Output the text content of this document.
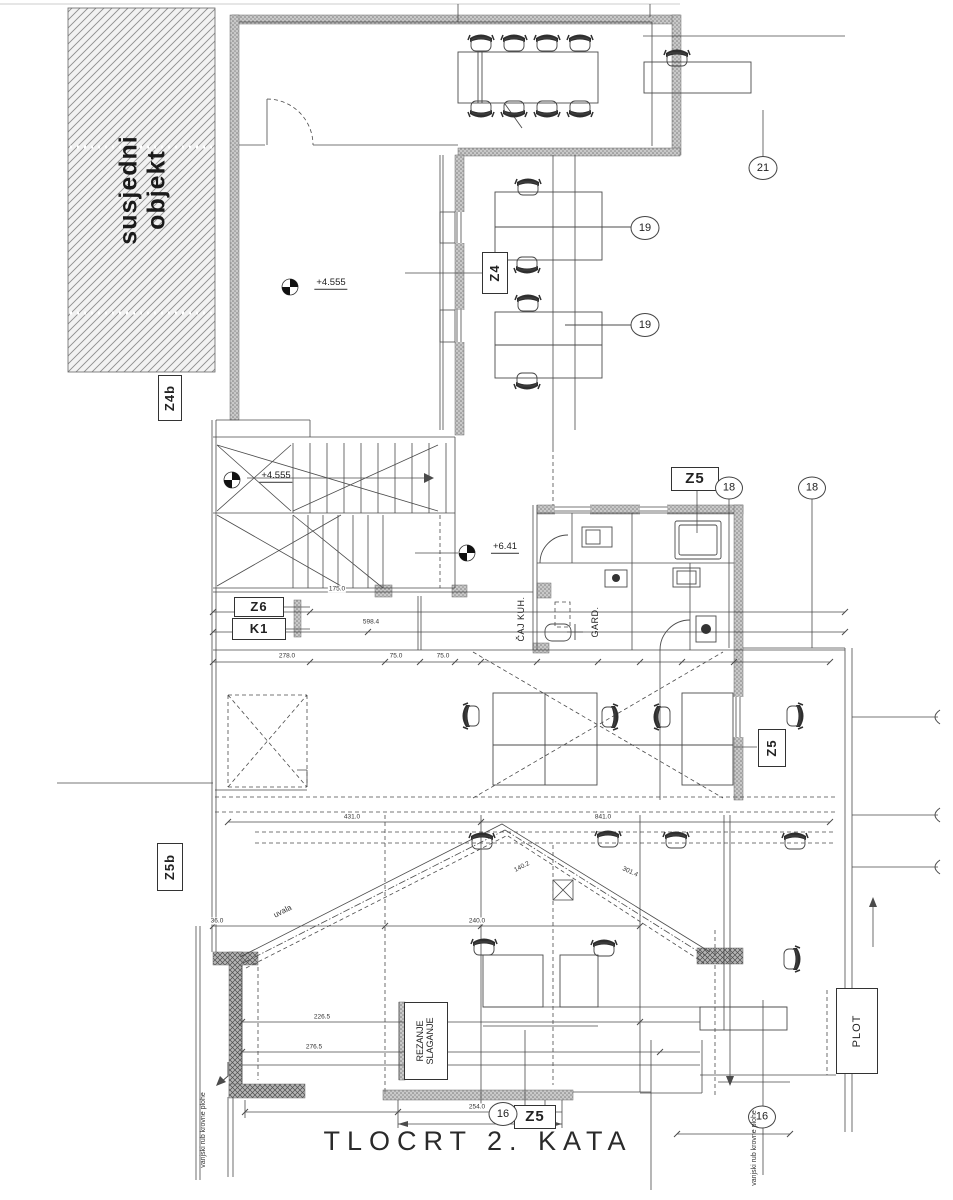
susjedni objekt
+4.555
+4.555
+6.41
Z4
Z4b
Z5
Z5
Z5b
Z6
K1
Z5
ČAJ KUH.	GARD.
REZANJE SLAGANJE	PLOT
uvala
21
19
19
18	18
16	16
vanjski rub krovne plohe	vanjski rub krovne plohe
278.0
175.0
598.4
75.0	75.0
431.0	841.0
140.2	301.4
240.0
36.0
226.5
276.5
254.0
TLOCRT 2. KATA
